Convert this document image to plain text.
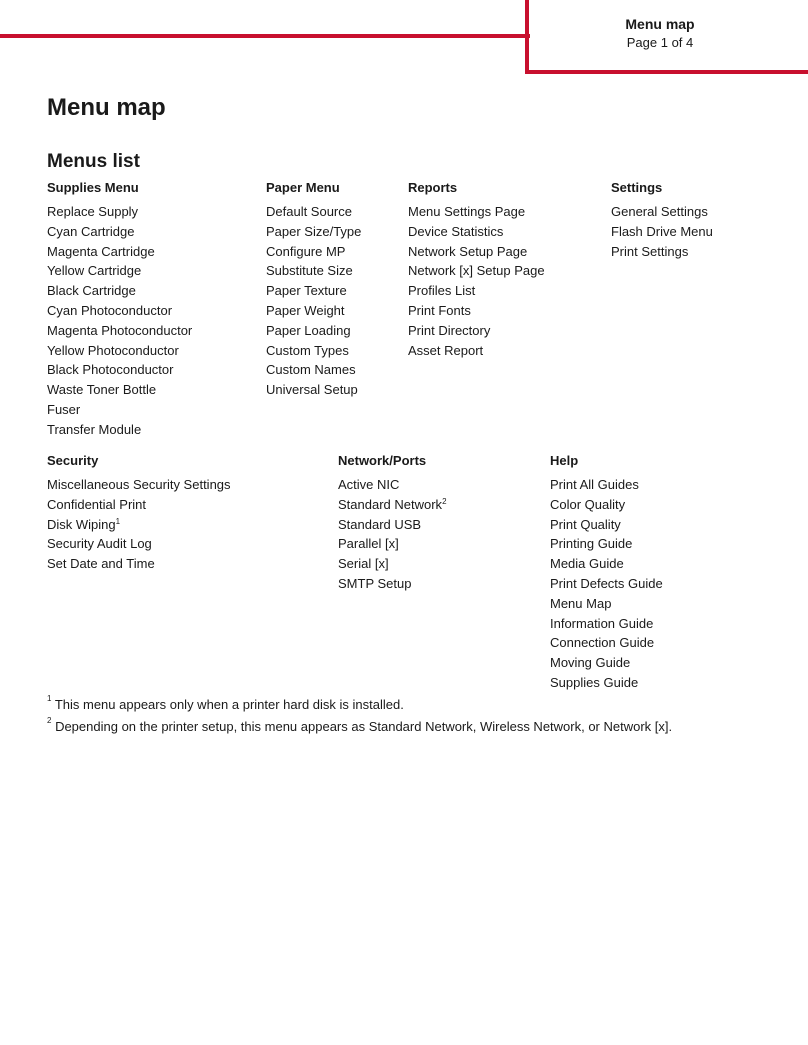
Menu map
Page 1 of 4
Menu map
Menus list
Supplies Menu
Replace Supply
Cyan Cartridge
Magenta Cartridge
Yellow Cartridge
Black Cartridge
Cyan Photoconductor
Magenta Photoconductor
Yellow Photoconductor
Black Photoconductor
Waste Toner Bottle
Fuser
Transfer Module
Paper Menu
Default Source
Paper Size/Type
Configure MP
Substitute Size
Paper Texture
Paper Weight
Paper Loading
Custom Types
Custom Names
Universal Setup
Reports
Menu Settings Page
Device Statistics
Network Setup Page
Network [x] Setup Page
Profiles List
Print Fonts
Print Directory
Asset Report
Settings
General Settings
Flash Drive Menu
Print Settings
Security
Miscellaneous Security Settings
Confidential Print
Disk Wiping$^1$
Security Audit Log
Set Date and Time
Network/Ports
Active NIC
Standard Network$^2$
Standard USB
Parallel [x]
Serial [x]
SMTP Setup
Help
Print All Guides
Color Quality
Print Quality
Printing Guide
Media Guide
Print Defects Guide
Menu Map
Information Guide
Connection Guide
Moving Guide
Supplies Guide
$^1$ This menu appears only when a printer hard disk is installed.
$^2$ Depending on the printer setup, this menu appears as Standard Network, Wireless Network, or Network [x].
